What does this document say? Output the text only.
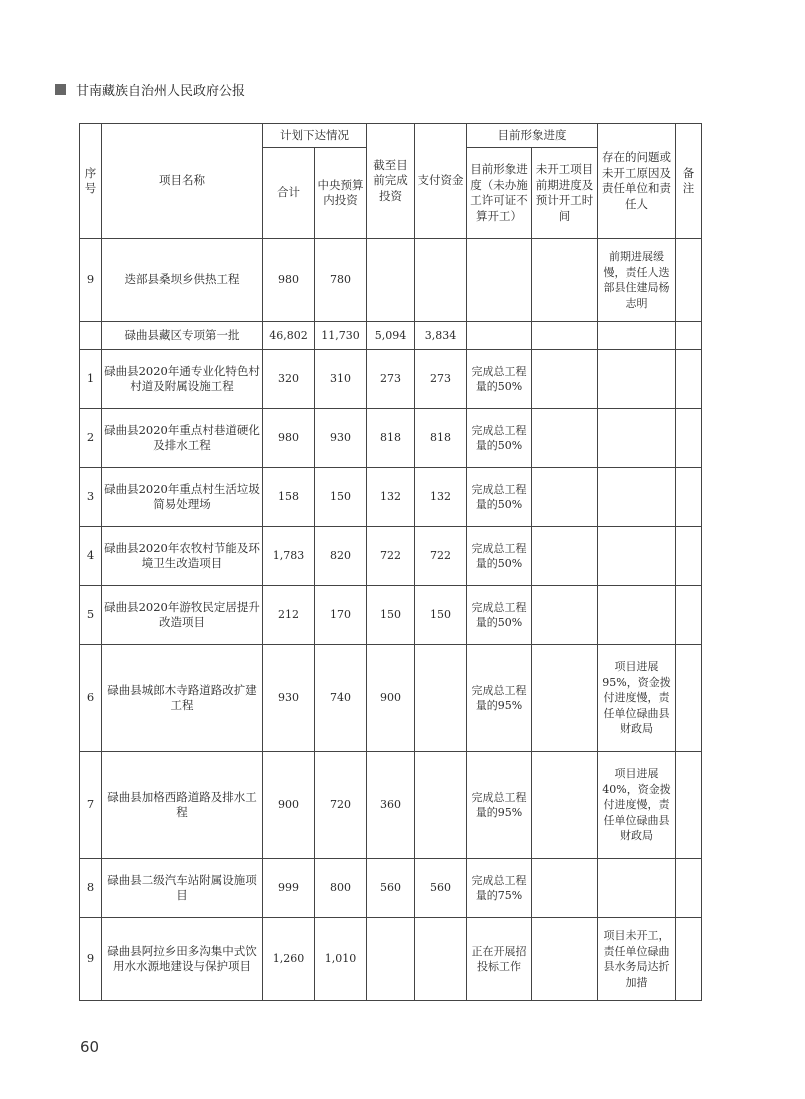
甘南藏族自治州人民政府公报
序号	项目名称	计划下达情况		截至目前完成投资	支付资金	目前形象进度		存在的问题或未开工原因及责任单位和责任人	备注
		合计	中央预算内投资			目前形象进度（未办施工许可证不算开工）	未开工项目前期进度及预计开工时间		
9	迭部县桑坝乡供热工程	980	780					前期进展缓慢，责任人迭部县住建局杨志明	
	碌曲县藏区专项第一批	46,802	11,730	5,094	3,834				
1	碌曲县2020年通专业化特色村村道及附属设施工程	320	310	273	273	完成总工程量的50%			
2	碌曲县2020年重点村巷道硬化及排水工程	980	930	818	818	完成总工程量的50%			
3	碌曲县2020年重点村生活垃圾简易处理场	158	150	132	132	完成总工程量的50%			
4	碌曲县2020年农牧村节能及环境卫生改造项目	1,783	820	722	722	完成总工程量的50%			
5	碌曲县2020年游牧民定居提升改造项目	212	170	150	150	完成总工程量的50%			
6	碌曲县城郎木寺路道路改扩建工程	930	740	900		完成总工程量的95%		项目进展95%，资金拨付进度慢，责任单位碌曲县财政局	
7	碌曲县加格西路道路及排水工程	900	720	360		完成总工程量的95%		项目进展40%，资金拨付进度慢，责任单位碌曲县财政局	
8	碌曲县二级汽车站附属设施项目	999	800	560	560	完成总工程量的75%			
9	碌曲县阿拉乡田多沟集中式饮用水水源地建设与保护项目	1,260	1,010			正在开展招投标工作		项目未开工，责任单位碌曲县水务局达折加措	
60
